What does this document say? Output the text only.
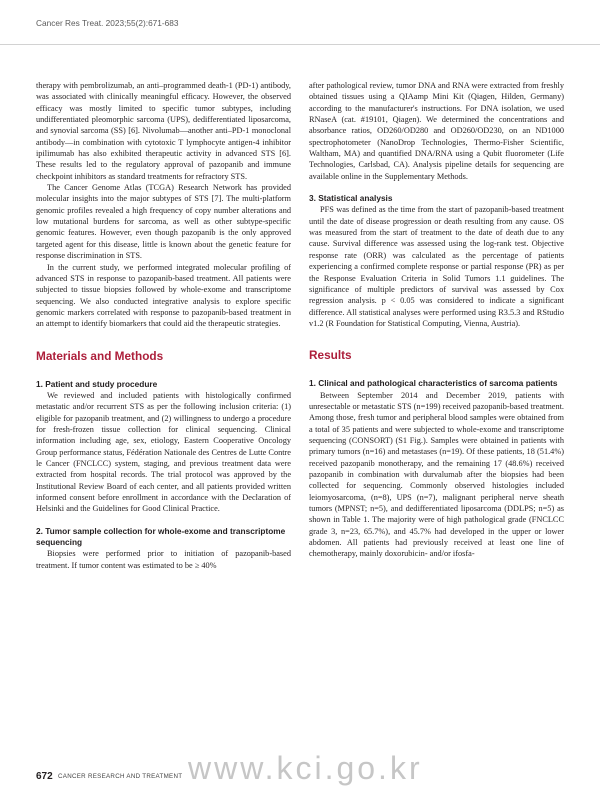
Cancer Res Treat. 2023;55(2):671-683

therapy with pembrolizumab, an anti–programmed death-1 (PD-1) antibody, was associated with clinically meaningful efficacy. However, the observed efficacy was mostly limited to specific tumor subtypes, including undifferentiated pleomorphic sarcoma (UPS), dedifferentiated liposarcoma, and synovial sarcoma (SS) [6]. Nivolumab—another anti–PD-1 monoclonal antibody—in combination with cytotoxic T lymphocyte antigen-4 inhibitor ipilimumab has also exhibited therapeutic activity in advanced STS [6]. These results led to the regulatory approval of pazopanib and immune checkpoint inhibitors as standard treatments for refractory STS.

The Cancer Genome Atlas (TCGA) Research Network has provided molecular insights into the major subtypes of STS [7]. The multi-platform genomic profiles revealed a high frequency of copy number alterations and low mutational burdens for sarcoma, as well as other subtype-specific genomic features. However, even though pazopanib is the only approved targeted agent for this disease, little is known about the genetic feature for response discrimination in STS.

In the current study, we performed integrated molecular profiling of advanced STS in response to pazopanib-based treatment. All patients were subjected to tissue biopsies followed by whole-exome and transcriptome sequencing. We also conducted integrative analysis to explore specific genomic markers correlated with response to pazopanib-based treatment in an attempt to identify biomarkers that could aid the therapeutic strategies.

Materials and Methods
1. Patient and study procedure

We reviewed and included patients with histologically confirmed metastatic and/or recurrent STS as per the following inclusion criteria: (1) eligible for pazopanib treatment, and (2) willingness to undergo a procedure for fresh-frozen tissue collection for clinical sequencing. Clinical information including age, sex, etiology, Eastern Cooperative Oncology Group performance status, Fédération Nationale des Centres de Lutte Contre le Cancer (FNCLCC) system, staging, and previous treatment data were extracted from hospital records. The trial protocol was approved by the Institutional Review Board of each center, and all patients provided written informed consent before enrollment in accordance with the Declaration of Helsinki and the Guidelines for Good Clinical Practice.

2. Tumor sample collection for whole-exome and transcriptome sequencing

Biopsies were performed prior to initiation of pazopanib-based treatment. If tumor content was estimated to be ≥ 40%

after pathological review, tumor DNA and RNA were extracted from freshly obtained tissues using a QIAamp Mini Kit (Qiagen, Hilden, Germany) according to the manufacturer's instructions. For DNA isolation, we used RNaseA (cat. #19101, Qiagen). We determined the concentrations and absorbance ratios, OD260/OD280 and OD260/OD230, on an ND1000 spectrophotometer (NanoDrop Technologies, Thermo-Fisher Scientific, Waltham, MA) and quantified DNA/RNA using a Qubit fluorometer (Life Technologies, Carlsbad, CA). Analysis pipeline details for sequencing are available online in the Supplementary Methods.

3. Statistical analysis

PFS was defined as the time from the start of pazopanib-based treatment until the date of disease progression or death resulting from any cause. OS was measured from the start of treatment to the date of death due to any cause. Survival difference was assessed using the log-rank test. Objective response rate (ORR) was calculated as the percentage of patients experiencing a confirmed complete response or partial response (PR) as per the Response Evaluation Criteria in Solid Tumors 1.1 guidelines. The significance of multiple predictors of survival was assessed by Cox regression analysis. p < 0.05 was considered to indicate a significant difference. All statistical analyses were performed using R3.5.3 and RStudio v1.2 (R Foundation for Statistical Computing, Vienna, Austria).

Results
1. Clinical and pathological characteristics of sarcoma patients

Between September 2014 and December 2019, patients with unresectable or metastatic STS (n=199) received pazopanib-based treatment. Among those, fresh tumor and peripheral blood samples were obtained from a total of 35 patients and were subjected to whole-exome and transcriptome sequencing (CONSORT) (S1 Fig.). Samples were obtained in patients with primary tumors (n=16) and metastases (n=19). Of these patients, 18 (51.4%) received pazopanib monotherapy, and the remaining 17 (48.6%) received pazopanib in combination with durvalumab after the biopsies had been collected for sequencing. Commonly observed histologies included leiomyosarcoma, (n=8), UPS (n=7), malignant peripheral nerve sheath tumors (MPNST; n=5), and dedifferentiated liposarcoma (DDLPS; n=5) as shown in Table 1. The majority were of high pathological grade (FNCLCC grade 3, n=23, 65.7%), and 45.7% had developed in the upper or lower abdomen. All patients had previously received at least one line of chemotherapy, mainly doxorubicin- and/or ifosfa-

www.kci.go.kr
672 CANCER RESEARCH AND TREATMENT
